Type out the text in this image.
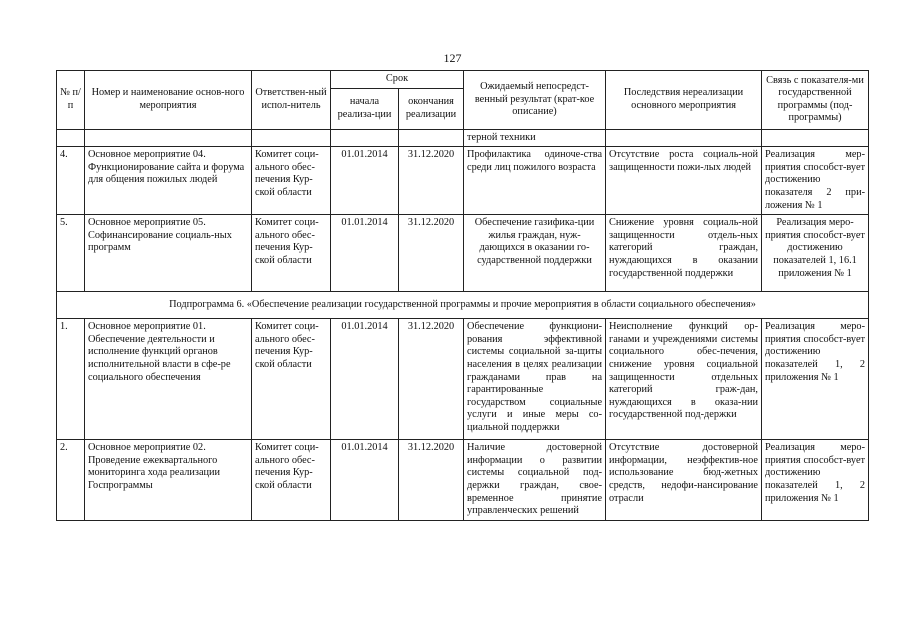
127
№ п/п	Номер и наименование основ-ного мероприятия	Ответствен-ный испол-нитель	Срок		Ожидаемый непосредст-венный результат (крат-кое описание)	Последствия нереализации основного мероприятия	Связь с показателя-ми государственной программы (под-программы)
			начала реализа-ции	окончания реализации			
					терной техники		
4.	Основное мероприятие 04. Функционирование сайта и форума для общения пожилых людей	Комитет соци-ального обес-печения Кур-ской области	01.01.2014	31.12.2020	Профилактика одиноче-ства среди лиц пожилого возраста	Отсутствие роста социаль-ной защищенности пожи-лых людей	Реализация мер-приятия способст-вует достижению показателя 2 при-ложения № 1
5.	Основное мероприятие 05. Софинансирование социаль-ных программ	Комитет соци-ального обес-печения Кур-ской области	01.01.2014	31.12.2020	Обеспечение газифика-ции жилья граждан, нуж-дающихся в оказании го-сударственной поддержки	Снижение уровня социаль-ной защищенности отдель-ных категорий граждан, нуждающихся в оказании государственной поддержки	Реализация меро-приятия способст-вует достижению показателей 1, 16.1 приложения № 1
Подпрограмма 6. «Обеспечение реализации государственной программы и прочие мероприятия в области социального обеспечения»							
1.	Основное мероприятие 01. Обеспечение деятельности и исполнение функций органов исполнительной власти в сфе-ре социального обеспечения	Комитет соци-ального обес-печения Кур-ской области	01.01.2014	31.12.2020	Обеспечение функциони-рования эффективной системы социальной за-щиты населения в целях реализации гражданами прав на гарантированные государством социальные услуги и иные меры со-циальной поддержки	Неисполнение функций ор-ганами и учреждениями системы социального обес-печения, снижение уровня социальной защищенности отдельных категорий граж-дан, нуждающихся в оказа-нии государственной под-держки	Реализация меро-приятия способст-вует достижению показателей 1, 2 приложения № 1
2.	Основное мероприятие 02. Проведение ежеквартального мониторинга хода реализации Госпрограммы	Комитет соци-ального обес-печения Кур-ской области	01.01.2014	31.12.2020	Наличие достоверной информации о развитии системы социальной под-держки граждан, свое-временное принятие управленческих решений	Отсутствие достоверной информации, неэффектив-ное использование бюд-жетных средств, недофи-нансирование отрасли	Реализация меро-приятия способст-вует достижению показателей 1, 2 приложения № 1
